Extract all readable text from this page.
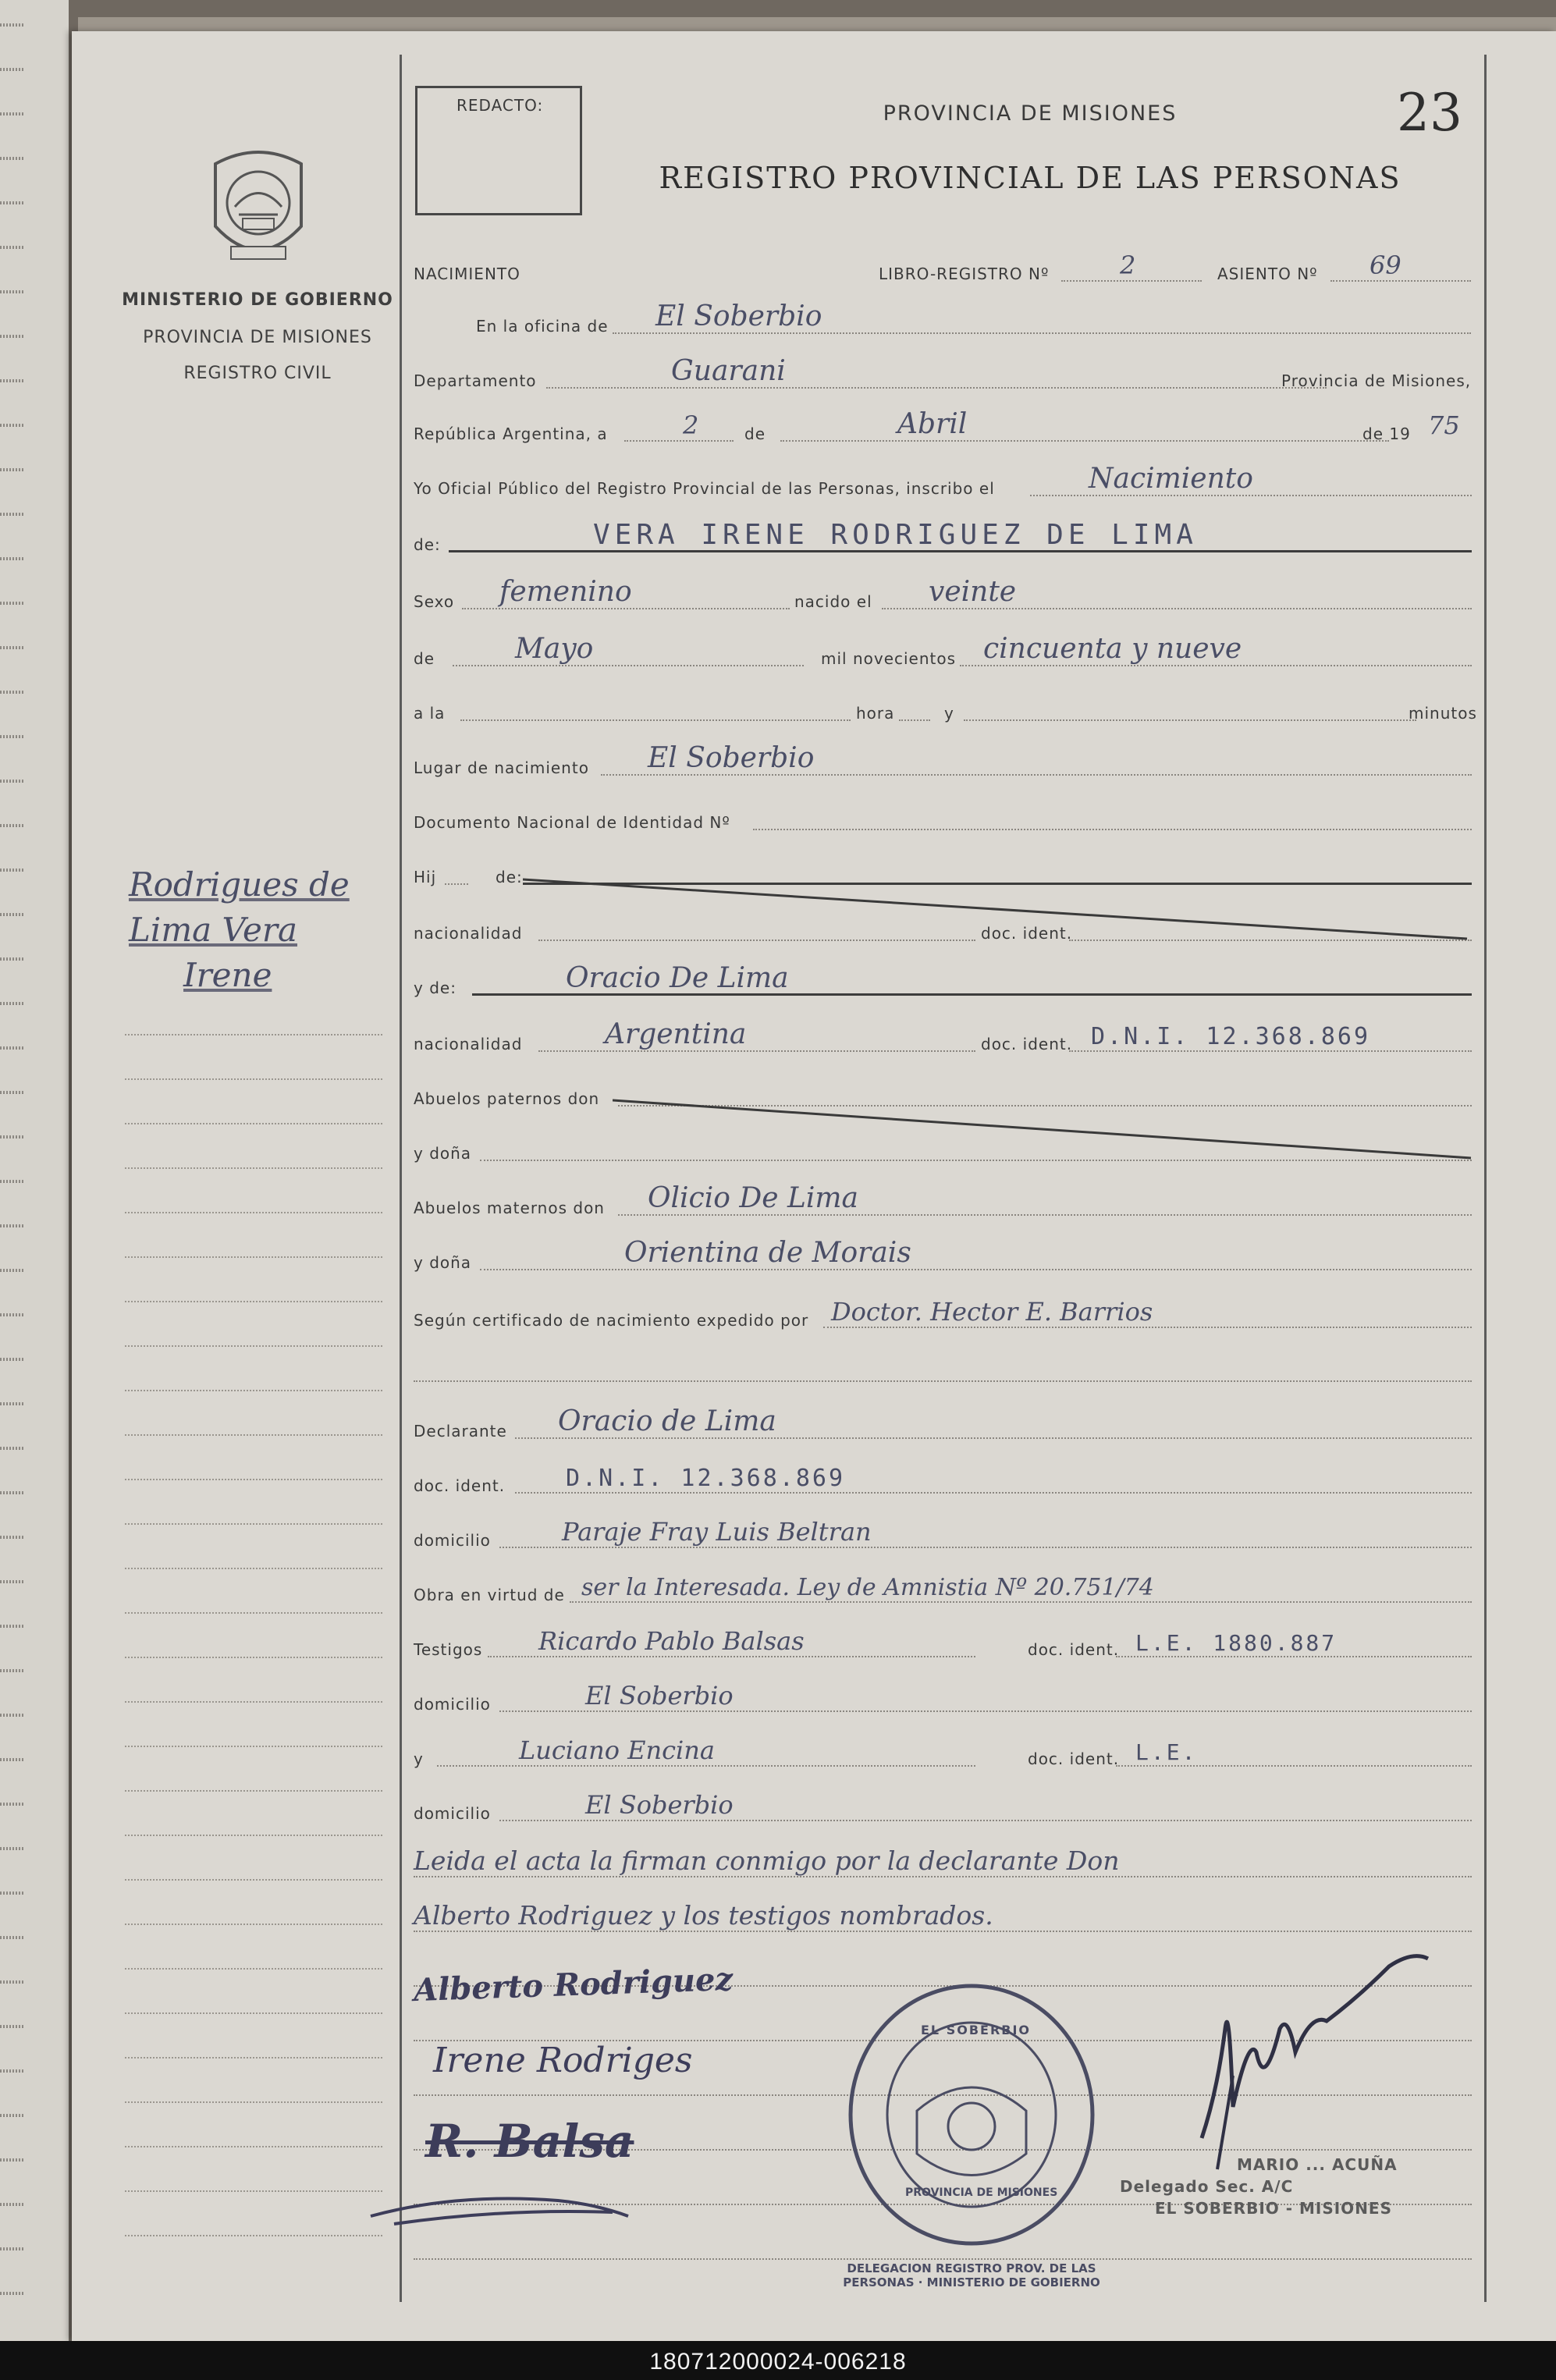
MINISTERIO DE GOBIERNO
PROVINCIA DE MISIONES
REGISTRO CIVIL
Rodrigues de
Lima Vera
Irene
REDACTO:	PROVINCIA DE MISIONES
REGISTRO PROVINCIAL DE LAS PERSONAS
23
NACIMIENTO	LIBRO-REGISTRO Nº	2	ASIENTO Nº 69
En la oficina de El Soberbio
Departamento	Guarani	Provincia de Misiones,
República Argentina, a	2	de	Abril	de 19 75
Yo Oficial Público del Registro Provincial de las Personas, inscribo el	Nacimiento
de:	VERA IRENE RODRIGUEZ DE LIMA
Sexo femenino	nacido el veinte
de	Mayo	mil novecientos cincuenta y nueve
a la	hora	y	minutos
Lugar de nacimiento El Soberbio
Documento Nacional de Identidad Nº
Hij	de:
nacionalidad	doc. ident.
y de:	Oracio De Lima
nacionalidad	Argentina	doc. ident. D.N.I. 12.368.869
Abuelos paternos don
y doña
Abuelos maternos don Olicio De Lima
y doña	Orientina de Morais
Según certificado de nacimiento expedido por Doctor. Hector E. Barrios
Declarante Oracio de Lima
doc. ident.	D.N.I. 12.368.869
domicilio	Paraje Fray Luis Beltran
Obra en virtud de ser la Interesada. Ley de Amnistia Nº 20.751/74
Testigos Ricardo Pablo Balsas	doc. ident. L.E. 1880.887
domicilio	El Soberbio
y	Luciano Encina	doc. ident. L.E.
domicilio	El Soberbio
Leida el acta la firman conmigo por la declarante Don
Alberto Rodriguez y los testigos nombrados.
Alberto Rodriguez
Irene Rodriges
R. Balsa
EL SOBERBIO
DELEGACION REGISTRO PROV. DE LAS PERSONAS · MINISTERIO DE GOBIERNO
PROVINCIA DE MISIONES
MARIO ... ACUÑA
Delegado Sec. A/C
EL SOBERBIO - MISIONES
180712000024-006218
